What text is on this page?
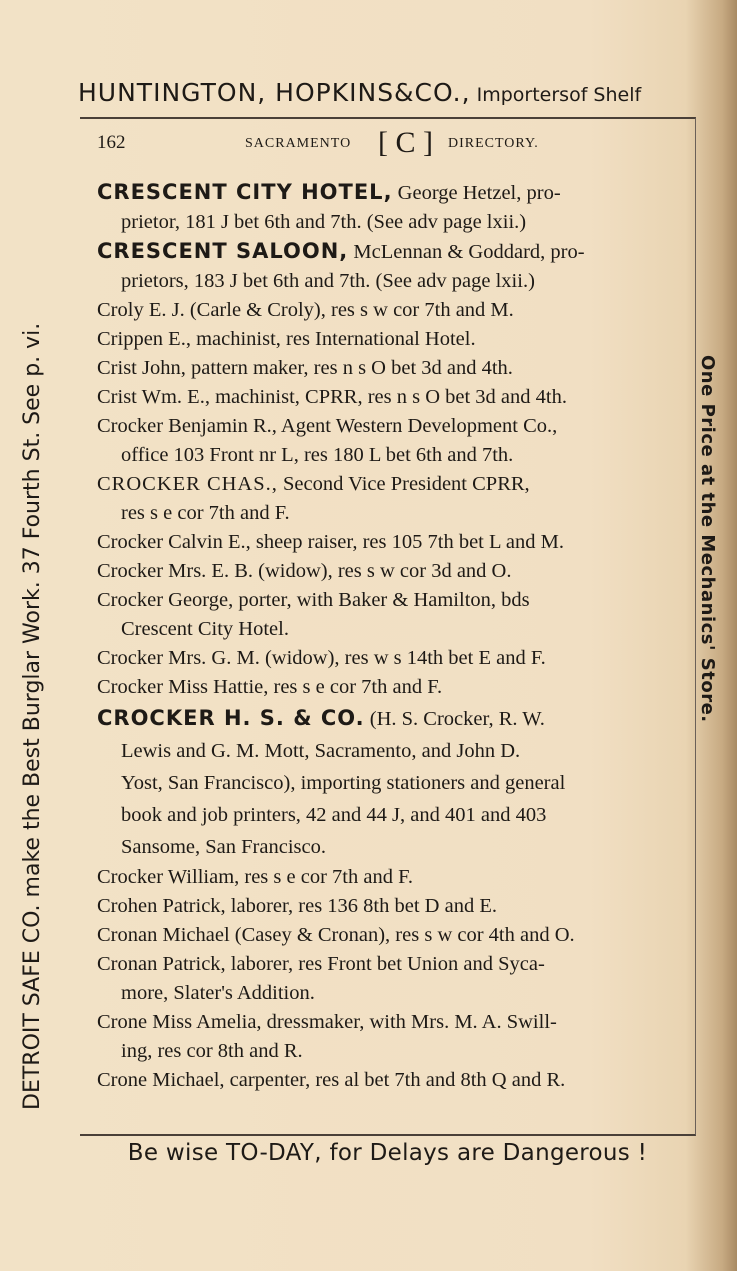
HUNTINGTON, HOPKINS&CO., Importersof Shelf
162	SACRAMENTO [ C ] DIRECTORY.
CRESCENT CITY HOTEL, George Hetzel, pro-
prietor, 181 J bet 6th and 7th. (See adv page lxii.)
CRESCENT SALOON, McLennan & Goddard, pro-
prietors, 183 J bet 6th and 7th. (See adv page lxii.)
Croly E. J. (Carle & Croly), res s w cor 7th and M.
Crippen E., machinist, res International Hotel.
Crist John, pattern maker, res n s O bet 3d and 4th.
Crist Wm. E., machinist, CPRR, res n s O bet 3d and 4th.
Crocker Benjamin R., Agent Western Development Co.,
office 103 Front nr L, res 180 L bet 6th and 7th.
CROCKER CHAS., Second Vice President CPRR,
res s e cor 7th and F.
Crocker Calvin E., sheep raiser, res 105 7th bet L and M.
Crocker Mrs. E. B. (widow), res s w cor 3d and O.
Crocker George, porter, with Baker & Hamilton, bds
Crescent City Hotel.
Crocker Mrs. G. M. (widow), res w s 14th bet E and F.
Crocker Miss Hattie, res s e cor 7th and F.
CROCKER H. S. & CO. (H. S. Crocker, R. W.
Lewis and G. M. Mott, Sacramento, and John D.
Yost, San Francisco), importing stationers and general
book and job printers, 42 and 44 J, and 401 and 403
Sansome, San Francisco.
Crocker William, res s e cor 7th and F.
Crohen Patrick, laborer, res 136 8th bet D and E.
Cronan Michael (Casey & Cronan), res s w cor 4th and O.
Cronan Patrick, laborer, res Front bet Union and Syca-
more, Slater's Addition.
Crone Miss Amelia, dressmaker, with Mrs. M. A. Swill-
ing, res cor 8th and R.
Crone Michael, carpenter, res al bet 7th and 8th Q and R.
Be wise TO-DAY, for Delays are Dangerous !
DETROIT SAFE CO. make the Best Burglar Work. 37 Fourth St. See p. vi.	One Price at the Mechanics' Store.
